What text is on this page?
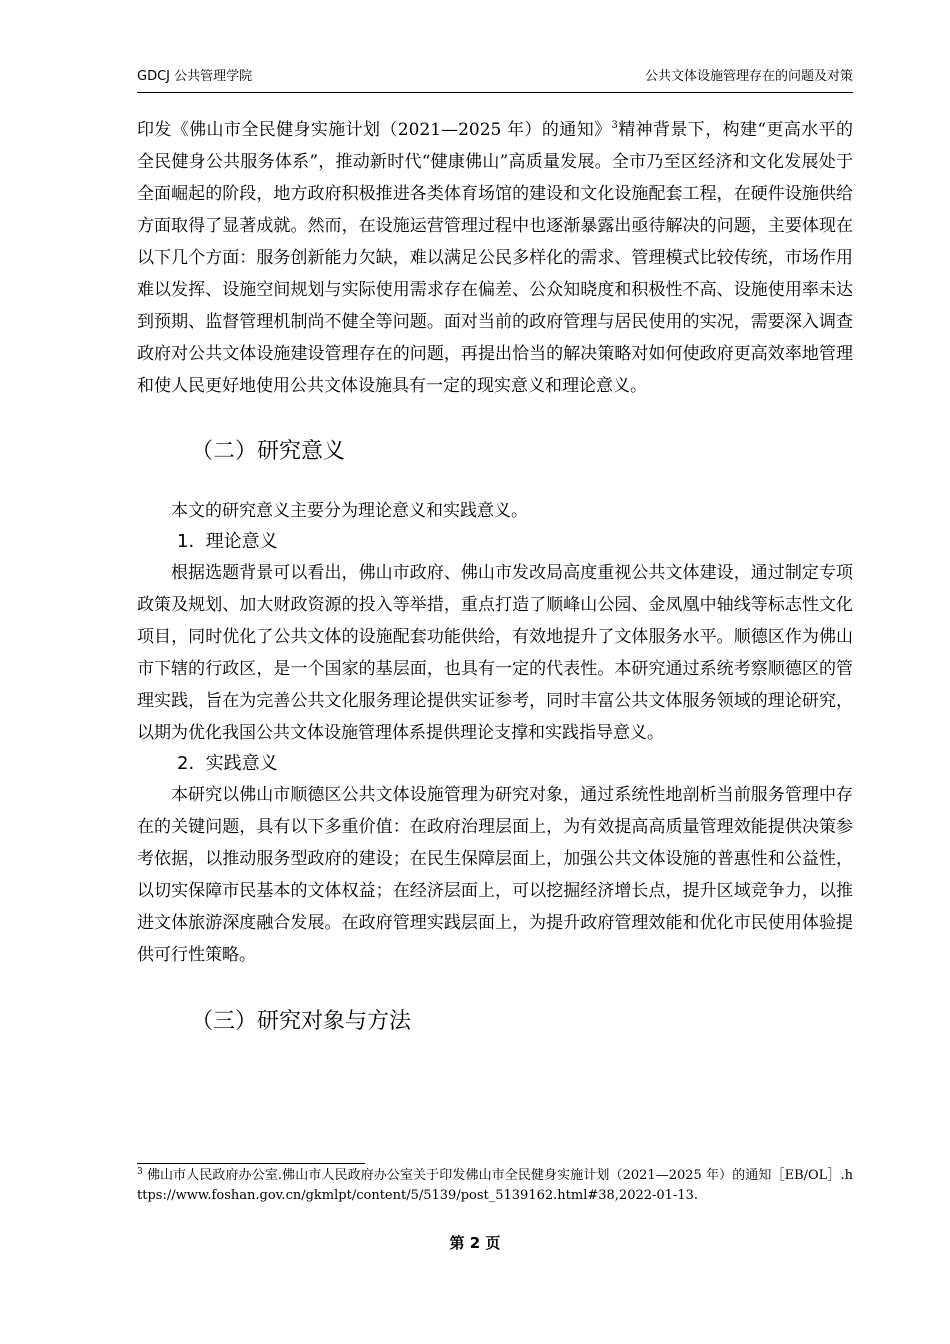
GDCJ 公共管理学院	公共文体设施管理存在的问题及对策

印发《佛山市全民健身实施计划（2021—2025 年）的通知》$^3$精神背景下，构建“更高水平的全民健身公共服务体系”，推动新时代“健康佛山”高质量发展。全市乃至区经济和文化发展处于全面崛起的阶段，地方政府积极推进各类体育场馆的建设和文化设施配套工程，在硬件设施供给方面取得了显著成就。然而，在设施运营管理过程中也逐渐暴露出亟待解决的问题，主要体现在以下几个方面：服务创新能力欠缺，难以满足公民多样化的需求、管理模式比较传统，市场作用难以发挥、设施空间规划与实际使用需求存在偏差、公众知晓度和积极性不高、设施使用率未达到预期、监督管理机制尚不健全等问题。面对当前的政府管理与居民使用的实况，需要深入调查政府对公共文体设施建设管理存在的问题，再提出恰当的解决策略对如何使政府更高效率地管理和使人民更好地使用公共文体设施具有一定的现实意义和理论意义。

（二）研究意义

本文的研究意义主要分为理论意义和实践意义。

1. 理论意义

根据选题背景可以看出，佛山市政府、佛山市发改局高度重视公共文体建设，通过制定专项政策及规划、加大财政资源的投入等举措，重点打造了顺峰山公园、金凤凰中轴线等标志性文化项目，同时优化了公共文体的设施配套功能供给，有效地提升了文体服务水平。顺德区作为佛山市下辖的行政区，是一个国家的基层面，也具有一定的代表性。本研究通过系统考察顺德区的管理实践，旨在为完善公共文化服务理论提供实证参考，同时丰富公共文体服务领域的理论研究，以期为优化我国公共文体设施管理体系提供理论支撑和实践指导意义。

2. 实践意义

本研究以佛山市顺德区公共文体设施管理为研究对象，通过系统性地剖析当前服务管理中存在的关键问题，具有以下多重价值：在政府治理层面上，为有效提高高质量管理效能提供决策参考依据，以推动服务型政府的建设；在民生保障层面上，加强公共文体设施的普惠性和公益性，以切实保障市民基本的文体权益；在经济层面上，可以挖掘经济增长点，提升区域竞争力，以推进文体旅游深度融合发展。在政府管理实践层面上，为提升政府管理效能和优化市民使用体验提供可行性策略。

（三）研究对象与方法
$^3$ 佛山市人民政府办公室.佛山市人民政府办公室关于印发佛山市全民健身实施计划（2021—2025 年）的通知［EB/OL］.https://www.foshan.gov.cn/gkmlpt/content/5/5139/post_5139162.html#38,2022-01-13.
第 2 页
